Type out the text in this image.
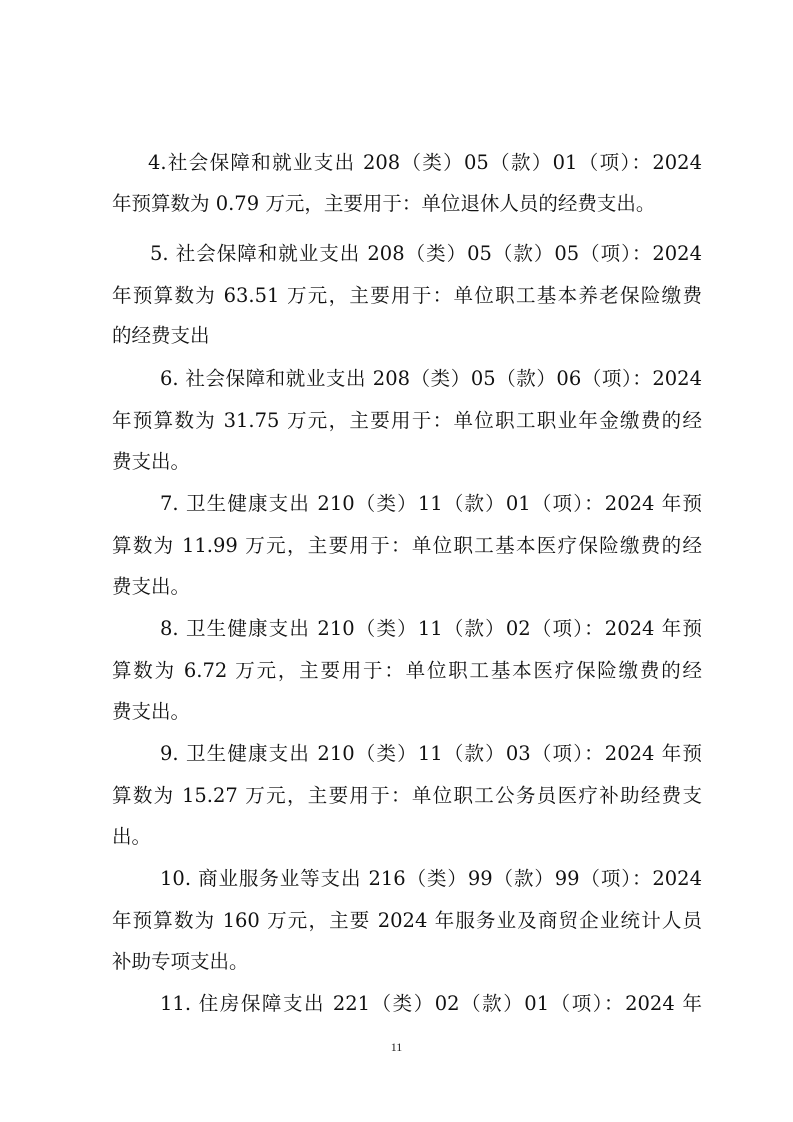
4.社会保障和就业支出 208（类）05（款）01（项）：2024
年预算数为 0.79 万元，主要用于：单位退休人员的经费支出。
5. 社会保障和就业支出 208（类）05（款）05（项）：2024
年预算数为 63.51 万元，主要用于：单位职工基本养老保险缴费
的经费支出
6. 社会保障和就业支出 208（类）05（款）06（项）：2024
年预算数为 31.75 万元，主要用于：单位职工职业年金缴费的经
费支出。
7. 卫生健康支出 210（类）11（款）01（项）：2024 年预
算数为 11.99 万元，主要用于：单位职工基本医疗保险缴费的经
费支出。
8. 卫生健康支出 210（类）11（款）02（项）：2024 年预
算数为 6.72 万元，主要用于：单位职工基本医疗保险缴费的经
费支出。
9. 卫生健康支出 210（类）11（款）03（项）：2024 年预
算数为 15.27 万元，主要用于：单位职工公务员医疗补助经费支
出。
10. 商业服务业等支出 216（类）99（款）99（项）：2024
年预算数为 160 万元，主要 2024 年服务业及商贸企业统计人员
补助专项支出。
11. 住房保障支出 221（类）02（款）01（项）：2024 年
11
